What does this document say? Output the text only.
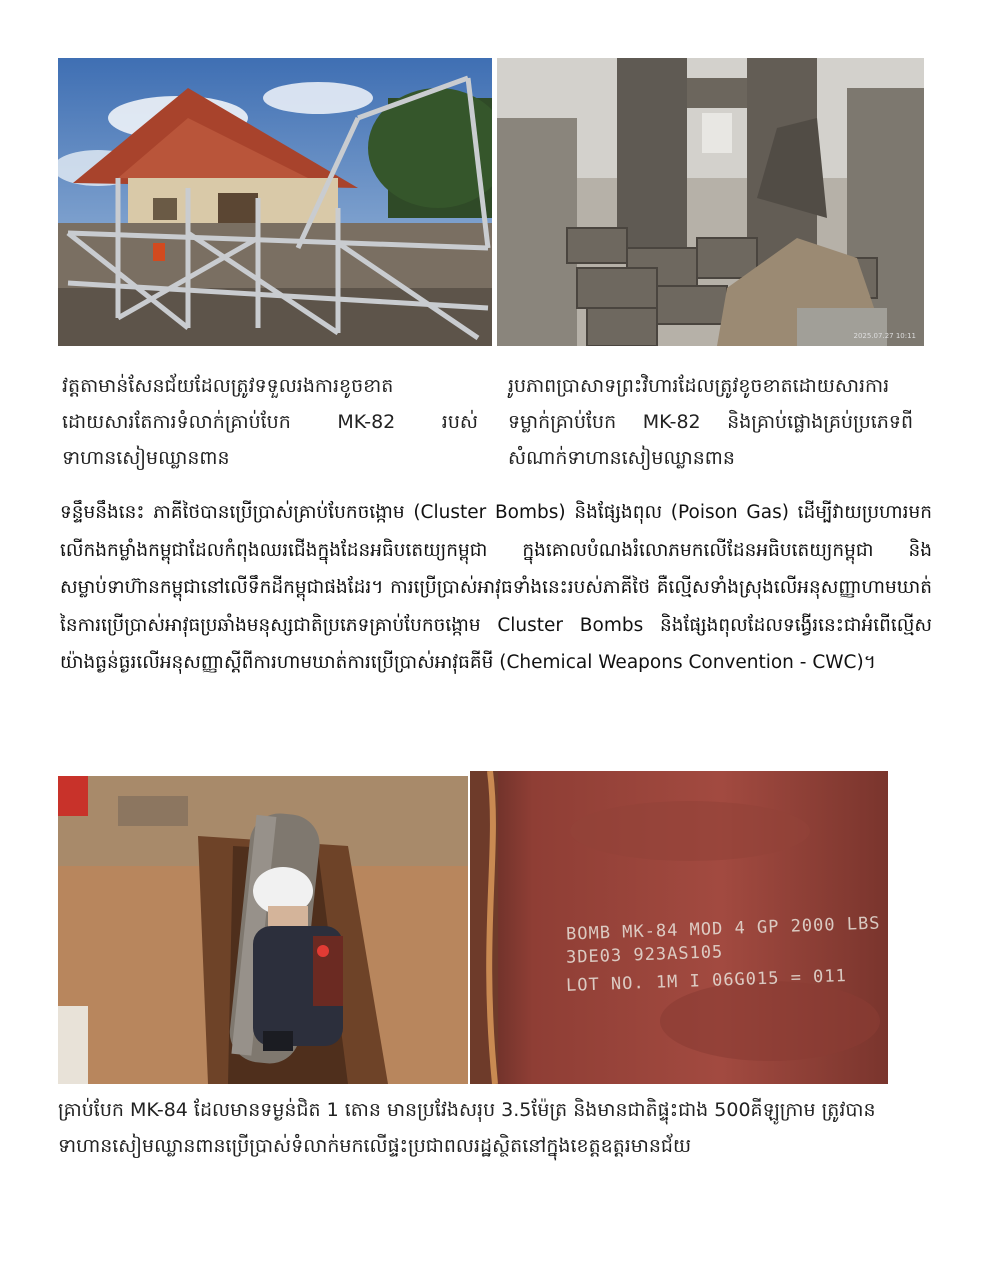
2025.07.27 10:11

វត្តតាមាន់សែនជ័យដែលត្រូវទទួលរងការខូចខាតដោយសារតែការទំលាក់គ្រាប់បែក MK-82 របស់ទាហានសៀមឈ្លានពាន

រូបភាពប្រាសាទព្រះវិហារដែលត្រូវខូចខាតដោយសារការទម្លាក់គ្រាប់បែក MK-82 និងគ្រាប់ផ្លោងគ្រប់ប្រភេទពីសំណាក់ទាហានសៀមឈ្លានពាន

ទន្ទឹមនឹងនេះ ភាគីថៃបានប្រើប្រាស់គ្រាប់បែកចង្កោម (Cluster Bombs) និងផ្សែងពុល (Poison Gas) ដើម្បីវាយប្រហារមកលើកងកម្លាំងកម្ពុជាដែលកំពុងឈរជើងក្នុងដែនអធិបតេយ្យកម្ពុជា ក្នុងគោលបំណងរំលោភមកលើដែនអធិបតេយ្យកម្ពុជា និងសម្លាប់ទាហ៊ានកម្ពុជានៅលើទឹកដីកម្ពុជាផងដែរ។ ការប្រើប្រាស់អាវុធទាំងនេះរបស់ភាគីថៃ គឺល្មើសទាំងស្រុងលើអនុសញ្ញាហាមឃាត់នៃការប្រើប្រាស់អាវុធប្រឆាំងមនុស្សជាតិប្រភេទគ្រាប់បែកចង្កោម Cluster Bombs និងផ្សែងពុលដែលទង្វើរនេះជាអំពើល្មើសយ៉ាងធ្ងន់ធ្ងរលើអនុសញ្ញាស្តីពីការហាមឃាត់ការប្រើប្រាស់អាវុធគីមី (Chemical Weapons Convention - CWC)។

BOMB MK-84 MOD 4 GP 2000 LBS
3DE03 923AS105
LOT NO. 1M I 06G015 = 011

គ្រាប់បែក MK-84 ដែលមានទម្ងន់ជិត 1 តោន មានប្រវែងសរុប 3.5ម៉ែត្រ និងមានជាតិផ្ទុះជាង 500គីឡូក្រាម ត្រូវបានទាហានសៀមឈ្លានពានប្រើប្រាស់ទំលាក់មកលើផ្ទះប្រជាពលរដ្ឋស្ថិតនៅក្នុងខេត្តឧត្តរមានជ័យ
